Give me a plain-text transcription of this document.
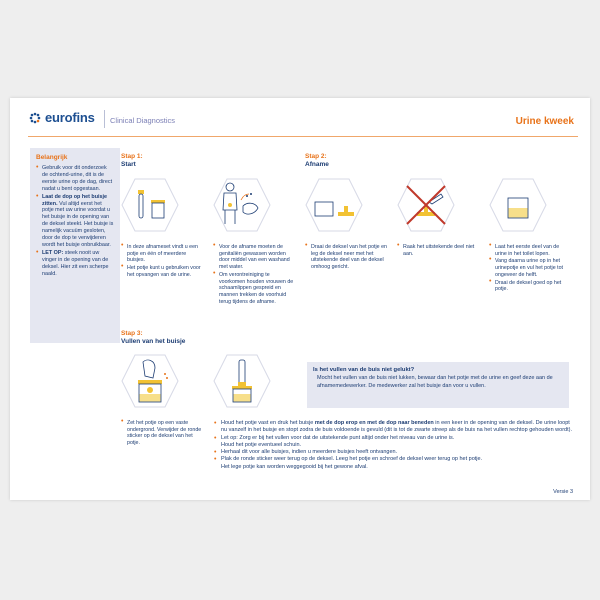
eurofins Clinical Diagnostics	Urine kweek
Belangrijk
• Gebruik voor dit onderzoek de ochtend-urine, dit is de eerste urine op de dag, direct nadat u bent opgestaan.
• Laat de dop op het buisje zitten. Vul altijd eerst het potje met uw urine voordat u het buisje in de opening van de deksel steekt. Het buisje is namelijk vacuüm gesloten, door de dop te verwijderen wordt het buisje onbruikbaar.
• LET OP: steek nooit uw vinger in de opening van de deksel. Hier zit een scherpe naald.
Stap 1:
Start
Stap 2:
Afname
Stap 3:
Vullen van het buisje
• In deze afnameset vindt u een potje en één of meerdere buisjes.
• Het potje kunt u gebruiken voor het opvangen van de urine.
• Voor de afname moeten de genitaliën gewassen worden door middel van een washand met water.
• Om verontreiniging te voorkomen houden vrouwen de schaamlippen gespreid en mannen trekken de voorhuid terug tijdens de afname.
• Draai de deksel van het potje en leg de deksel neer met het uitstekende deel van de deksel omhoog gericht.
• Raak het uitstekende deel niet aan.
• Laat het eerste deel van de urine in het toilet lopen.
• Vang daarna urine op in het urinepotje en vul het potje tot ongeveer de helft.
• Draai de deksel goed op het potje.
• Zet het potje op een vaste ondergrond. Verwijder de ronde sticker op de deksel van het potje.
Is het vullen van de buis niet gelukt?
Mocht het vullen van de buis niet lukken, bewaar dan het potje met de urine en geef deze aan de afnamemedewerker. De medewerker zal het buisje dan voor u vullen.
• Houd het potje vast en druk het buisje met de dop erop en met de dop naar beneden in een keer in de opening van de deksel. De urine loopt nu vanzelf in het buisje en stopt zodra de buis voldoende is gevuld (dit is tot de zwarte streep als de buis na het vullen rechtop gehouden wordt).
• Let op: Zorg er bij het vullen voor dat de uitstekende punt altijd onder het niveau van de urine is.
Houd het potje eventueel schuin.
• Herhaal dit voor alle buisjes, indien u meerdere buisjes heeft ontvangen.
• Plak de ronde sticker weer terug op de deksel. Leeg het potje en schroef de deksel weer terug op het potje.
Het lege potje kan worden weggegooid bij het gewone afval.
Versie 3
